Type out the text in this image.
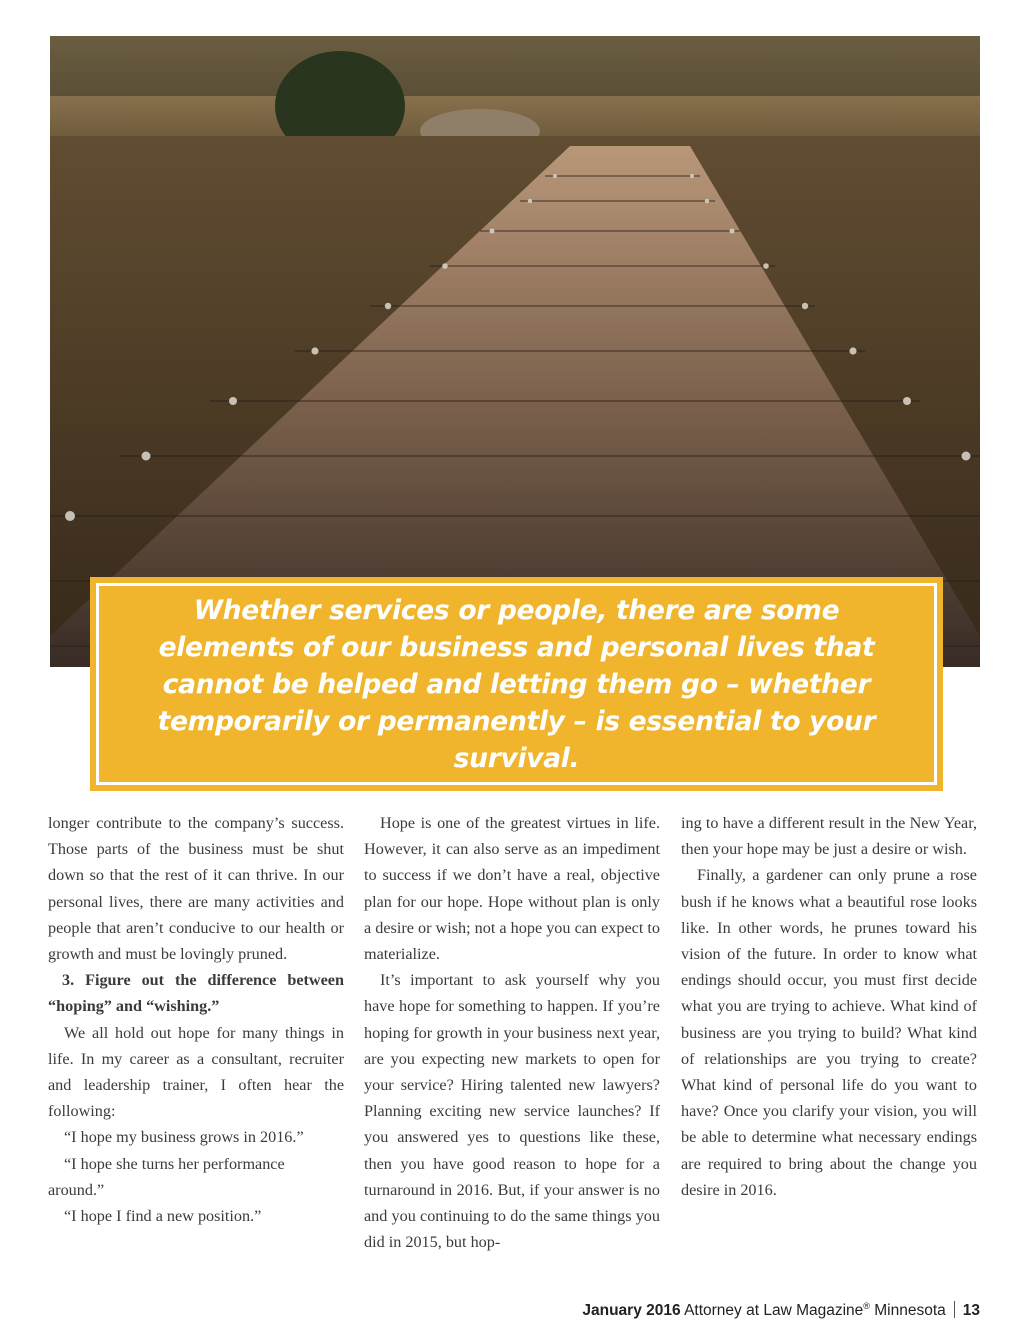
Whether services or people, there are some elements of our business and personal lives that cannot be helped and letting them go – whether temporarily or permanently – is essential to your survival.

longer contribute to the company’s success. Those parts of the business must be shut down so that the rest of it can thrive. In our personal lives, there are many activities and people that aren’t conducive to our health or growth and must be lovingly pruned.

3. Figure out the difference between “hoping” and “wishing.”

We all hold out hope for many things in life. In my career as a consultant, recruiter and leadership trainer, I often hear the following:

“I hope my business grows in 2016.”

“I hope she turns her performance around.”

“I hope I find a new position.”

Hope is one of the greatest virtues in life. However, it can also serve as an impediment to success if we don’t have a real, objective plan for our hope. Hope without plan is only a desire or wish; not a hope you can expect to materialize.

It’s important to ask yourself why you have hope for something to happen. If you’re hoping for growth in your business next year, are you expecting new markets to open for your service? Hiring talented new lawyers? Planning exciting new service launches? If you answered yes to questions like these, then you have good reason to hope for a turnaround in 2016. But, if your answer is no and you continuing to do the same things you did in 2015, but hop-

ing to have a different result in the New Year, then your hope may be just a desire or wish.

Finally, a gardener can only prune a rose bush if he knows what a beautiful rose looks like. In other words, he prunes toward his vision of the future. In order to know what endings should occur, you must first decide what you are trying to achieve. What kind of business are you trying to build? What kind of relationships are you trying to create? What kind of personal life do you want to have? Once you clarify your vision, you will be able to determine what necessary endings are required to bring about the change you desire in 2016.

January 2016 Attorney at Law Magazine® Minnesota 13
